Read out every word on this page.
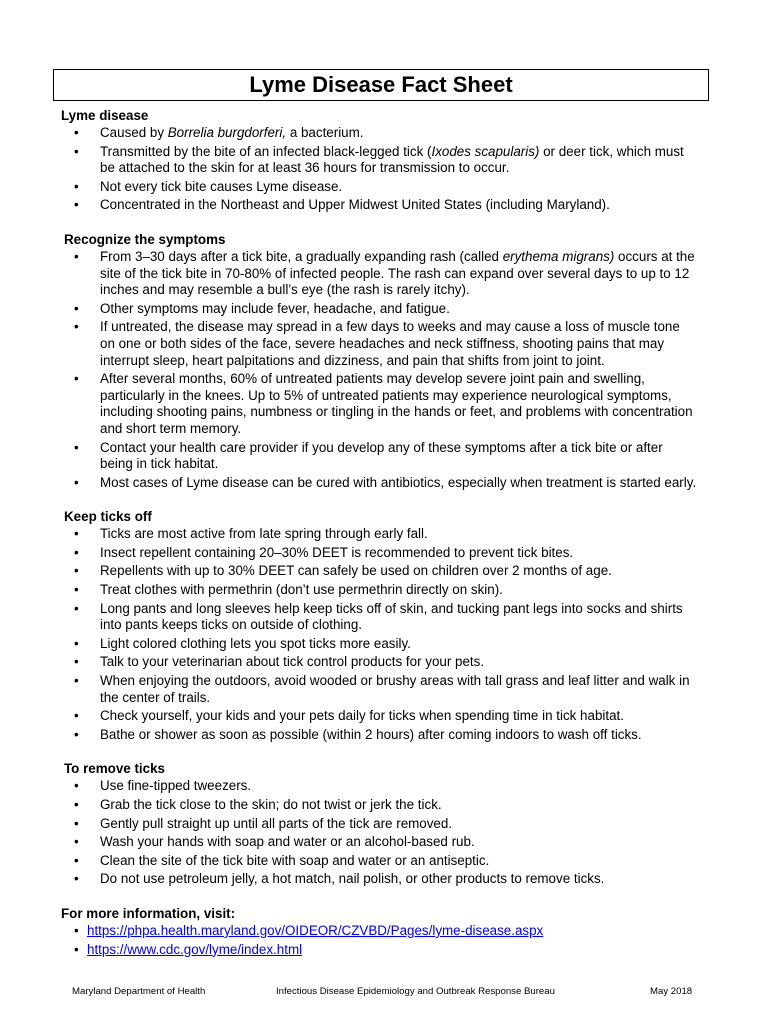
Lyme Disease Fact Sheet
Lyme disease
• Caused by Borrelia burgdorferi, a bacterium.
• Transmitted by the bite of an infected black-legged tick (Ixodes scapularis) or deer tick, which must be attached to the skin for at least 36 hours for transmission to occur.
• Not every tick bite causes Lyme disease.
• Concentrated in the Northeast and Upper Midwest United States (including Maryland).
Recognize the symptoms
• From 3–30 days after a tick bite, a gradually expanding rash (called erythema migrans) occurs at the site of the tick bite in 70-80% of infected people. The rash can expand over several days to up to 12 inches and may resemble a bull’s eye (the rash is rarely itchy).
• Other symptoms may include fever, headache, and fatigue.
• If untreated, the disease may spread in a few days to weeks and may cause a loss of muscle tone on one or both sides of the face, severe headaches and neck stiffness, shooting pains that may interrupt sleep, heart palpitations and dizziness, and pain that shifts from joint to joint.
• After several months, 60% of untreated patients may develop severe joint pain and swelling, particularly in the knees. Up to 5% of untreated patients may experience neurological symptoms, including shooting pains, numbness or tingling in the hands or feet, and problems with concentration and short term memory.
• Contact your health care provider if you develop any of these symptoms after a tick bite or after being in tick habitat.
• Most cases of Lyme disease can be cured with antibiotics, especially when treatment is started early.
Keep ticks off
• Ticks are most active from late spring through early fall.
• Insect repellent containing 20–30% DEET is recommended to prevent tick bites.
• Repellents with up to 30% DEET can safely be used on children over 2 months of age.
• Treat clothes with permethrin (don’t use permethrin directly on skin).
• Long pants and long sleeves help keep ticks off of skin, and tucking pant legs into socks and shirts into pants keeps ticks on outside of clothing.
• Light colored clothing lets you spot ticks more easily.
• Talk to your veterinarian about tick control products for your pets.
• When enjoying the outdoors, avoid wooded or brushy areas with tall grass and leaf litter and walk in the center of trails.
• Check yourself, your kids and your pets daily for ticks when spending time in tick habitat.
• Bathe or shower as soon as possible (within 2 hours) after coming indoors to wash off ticks.
To remove ticks
• Use fine-tipped tweezers.
• Grab the tick close to the skin; do not twist or jerk the tick.
• Gently pull straight up until all parts of the tick are removed.
• Wash your hands with soap and water or an alcohol-based rub.
• Clean the site of the tick bite with soap and water or an antiseptic.
• Do not use petroleum jelly, a hot match, nail polish, or other products to remove ticks.
For more information, visit:
• https://phpa.health.maryland.gov/OIDEOR/CZVBD/Pages/lyme-disease.aspx
• https://www.cdc.gov/lyme/index.html
Maryland Department of Health	Infectious Disease Epidemiology and Outbreak Response Bureau	May 2018
